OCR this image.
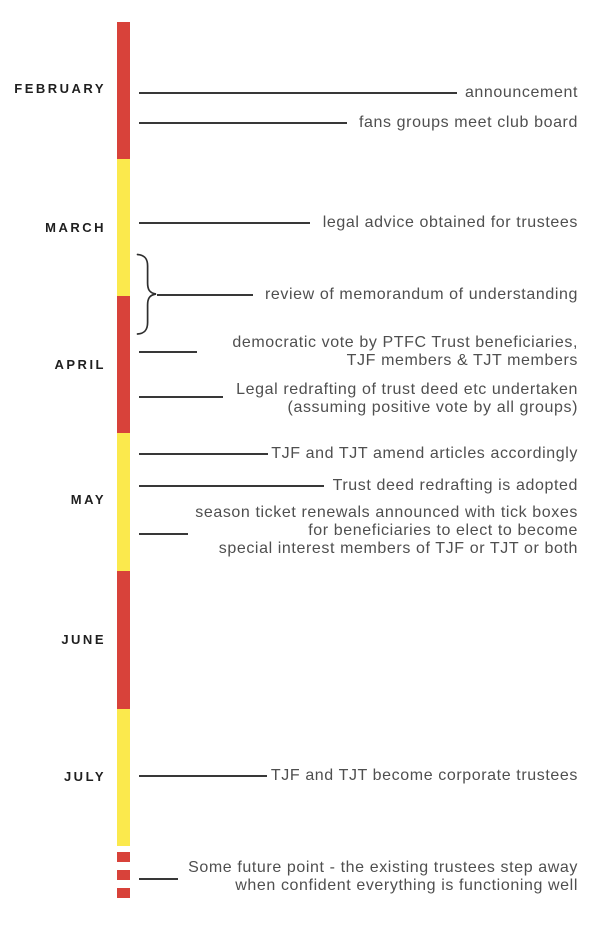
FEBRUARY
MARCH
APRIL
MAY
JUNE
JULY
announcement
fans groups meet club board
legal advice obtained for trustees
review of memorandum of understanding
democratic vote by PTFC Trust beneficiaries,
TJF members & TJT members
Legal redrafting of trust deed etc undertaken
(assuming positive vote by all groups)
TJF and TJT amend articles accordingly
Trust deed redrafting is adopted
season ticket renewals announced with tick boxes
for beneficiaries to elect to become
special interest members of TJF or TJT or both
TJF and TJT become corporate trustees
Some future point - the existing trustees step away
when confident everything is functioning well
